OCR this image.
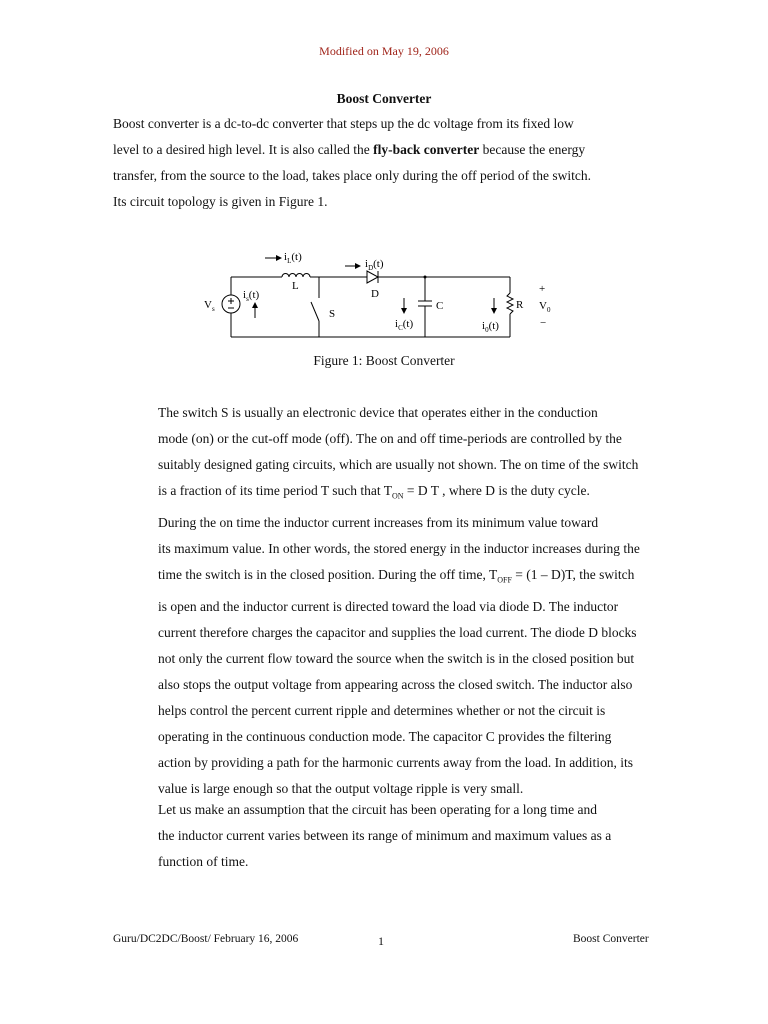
Modified on May 19, 2006
Boost Converter

Boost converter is a dc-to-dc converter that steps up the dc voltage from its fixed low
level to a desired high level. It is also called the fly-back converter because the energy
transfer, from the source to the load, takes place only during the off period of the switch.
Its circuit topology is given in Figure 1.

$i_L(t)$
L
$i_D(t)$
D
$i_s(t)$
$V_s$	S
C
$i_C(t)$
R
$i_0(t)$
+
$V_0$
−
Figure 1: Boost Converter

The switch S is usually an electronic device that operates either in the conduction
mode (on) or the cut-off mode (off). The on and off time-periods are controlled by the
suitably designed gating circuits, which are usually not shown. The on time of the switch
is a fraction of its time period T such that $T_{ON} = D$ T , where D is the duty cycle.

During the on time the inductor current increases from its minimum value toward
its maximum value. In other words, the stored energy in the inductor increases during the
time the switch is in the closed position. During the off time, $T_{OFF} = (1 - D)T$, the switch
is open and the inductor current is directed toward the load via diode D. The inductor
current therefore charges the capacitor and supplies the load current. The diode D blocks
not only the current flow toward the source when the switch is in the closed position but
also stops the output voltage from appearing across the closed switch. The inductor also
helps control the percent current ripple and determines whether or not the circuit is
operating in the continuous conduction mode. The capacitor C provides the filtering
action by providing a path for the harmonic currents away from the load. In addition, its
value is large enough so that the output voltage ripple is very small.

Let us make an assumption that the circuit has been operating for a long time and
the inductor current varies between its range of minimum and maximum values as a
function of time.

Guru/DC2DC/Boost/ February 16, 2006	1	Boost Converter
